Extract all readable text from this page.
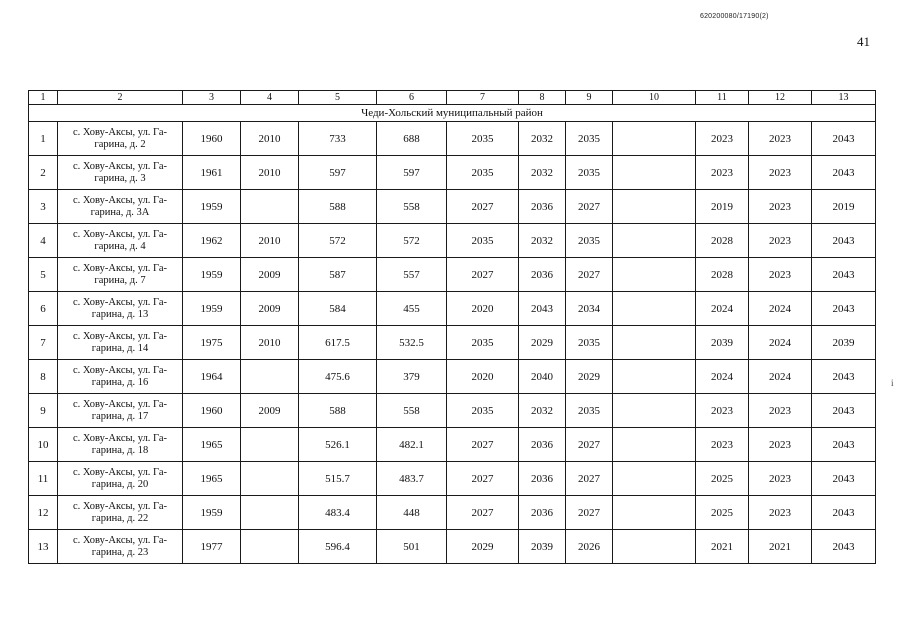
620200080/17190(2)
41
i
1	2	3	4	5	6	7	8	9	10	11	12	13
Чеди-Хольский муниципальный район												
1	с. Хову-Аксы, ул. Га-
гарина, д. 2	1960	2010	733	688	2035	2032	2035		2023	2023	2043
2	с. Хову-Аксы, ул. Га-
гарина, д. 3	1961	2010	597	597	2035	2032	2035		2023	2023	2043
3	с. Хову-Аксы, ул. Га-
гарина, д. 3А	1959		588	558	2027	2036	2027		2019	2023	2019
4	с. Хову-Аксы, ул. Га-
гарина, д. 4	1962	2010	572	572	2035	2032	2035		2028	2023	2043
5	с. Хову-Аксы, ул. Га-
гарина, д. 7	1959	2009	587	557	2027	2036	2027		2028	2023	2043
6	с. Хову-Аксы, ул. Га-
гарина, д. 13	1959	2009	584	455	2020	2043	2034		2024	2024	2043
7	с. Хову-Аксы, ул. Га-
гарина, д. 14	1975	2010	617.5	532.5	2035	2029	2035		2039	2024	2039
8	с. Хову-Аксы, ул. Га-
гарина, д. 16	1964		475.6	379	2020	2040	2029		2024	2024	2043
9	с. Хову-Аксы, ул. Га-
гарина, д. 17	1960	2009	588	558	2035	2032	2035		2023	2023	2043
10	с. Хову-Аксы, ул. Га-
гарина, д. 18	1965		526.1	482.1	2027	2036	2027		2023	2023	2043
11	с. Хову-Аксы, ул. Га-
гарина, д. 20	1965		515.7	483.7	2027	2036	2027		2025	2023	2043
12	с. Хову-Аксы, ул. Га-
гарина, д. 22	1959		483.4	448	2027	2036	2027		2025	2023	2043
13	с. Хову-Аксы, ул. Га-
гарина, д. 23	1977		596.4	501	2029	2039	2026		2021	2021	2043
